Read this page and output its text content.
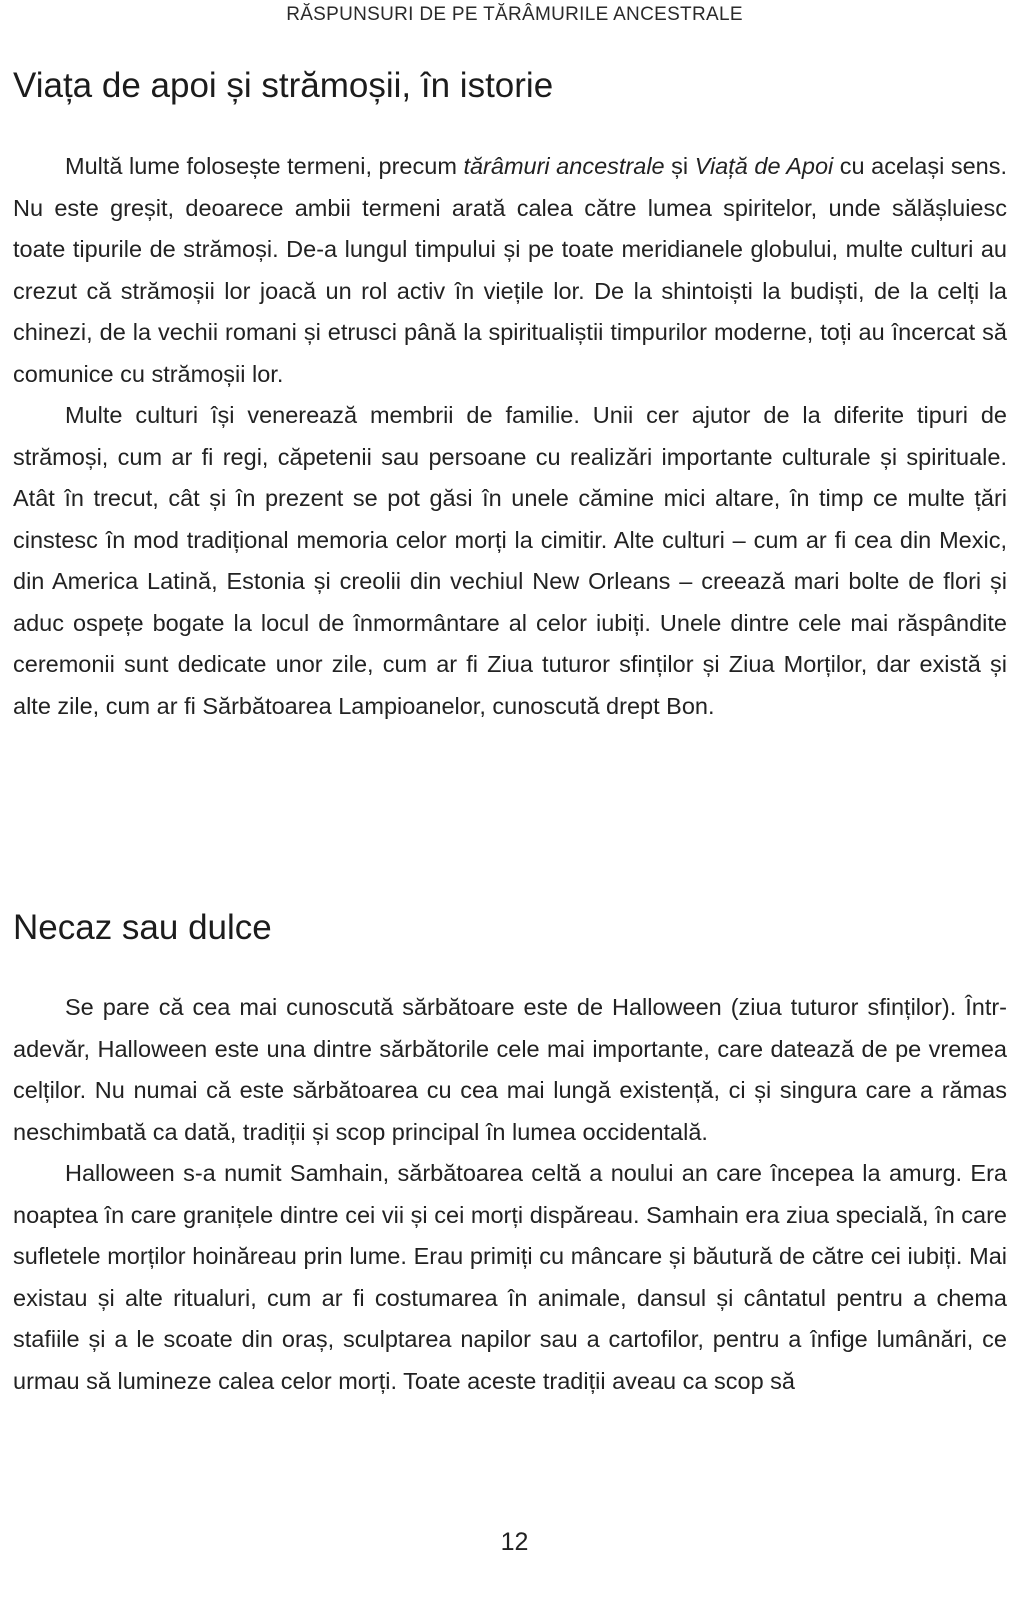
RĂSPUNSURI DE PE TĂRÂMURILE ANCESTRALE
Viața de apoi și strămoșii, în istorie

Multă lume folosește termeni, precum tărâmuri ancestrale și Viață de Apoi cu același sens. Nu este greșit, deoarece ambii termeni arată calea către lumea spiritelor, unde sălășluiesc toate tipurile de strămoși. De-a lungul timpului și pe toate meridianele globului, multe culturi au crezut că strămoșii lor joacă un rol activ în viețile lor. De la shintoiști la budiști, de la celți la chinezi, de la vechii romani și etrusci până la spiritualiștii timpurilor moderne, toți au încercat să comunice cu strămoșii lor.

Multe culturi își venerează membrii de familie. Unii cer ajutor de la diferite tipuri de strămoși, cum ar fi regi, căpetenii sau persoane cu realizări importante culturale și spirituale. Atât în trecut, cât și în prezent se pot găsi în unele cămine mici altare, în timp ce multe țări cinstesc în mod tradițional memoria celor morți la cimitir. Alte culturi – cum ar fi cea din Mexic, din America Latină, Estonia și creolii din vechiul New Orleans – creează mari bolte de flori și aduc ospețe bogate la locul de înmormântare al celor iubiți. Unele dintre cele mai răspândite ceremonii sunt dedicate unor zile, cum ar fi Ziua tuturor sfinților și Ziua Morților, dar există și alte zile, cum ar fi Sărbătoarea Lampioanelor, cunoscută drept Bon.

Necaz sau dulce

Se pare că cea mai cunoscută sărbătoare este de Halloween (ziua tuturor sfinților). Într-adevăr, Halloween este una dintre sărbătorile cele mai importante, care datează de pe vremea celților. Nu numai că este sărbătoarea cu cea mai lungă existență, ci și singura care a rămas neschimbată ca dată, tradiții și scop principal în lumea occidentală.

Halloween s-a numit Samhain, sărbătoarea celtă a noului an care începea la amurg. Era noaptea în care granițele dintre cei vii și cei morți dispăreau. Samhain era ziua specială, în care sufletele morților hoinăreau prin lume. Erau primiți cu mâncare și băutură de către cei iubiți. Mai existau și alte ritualuri, cum ar fi costumarea în animale, dansul și cântatul pentru a chema stafiile și a le scoate din oraș, sculptarea napilor sau a cartofilor, pentru a înfige lumânări, ce urmau să lumineze calea celor morți. Toate aceste tradiții aveau ca scop să

12
